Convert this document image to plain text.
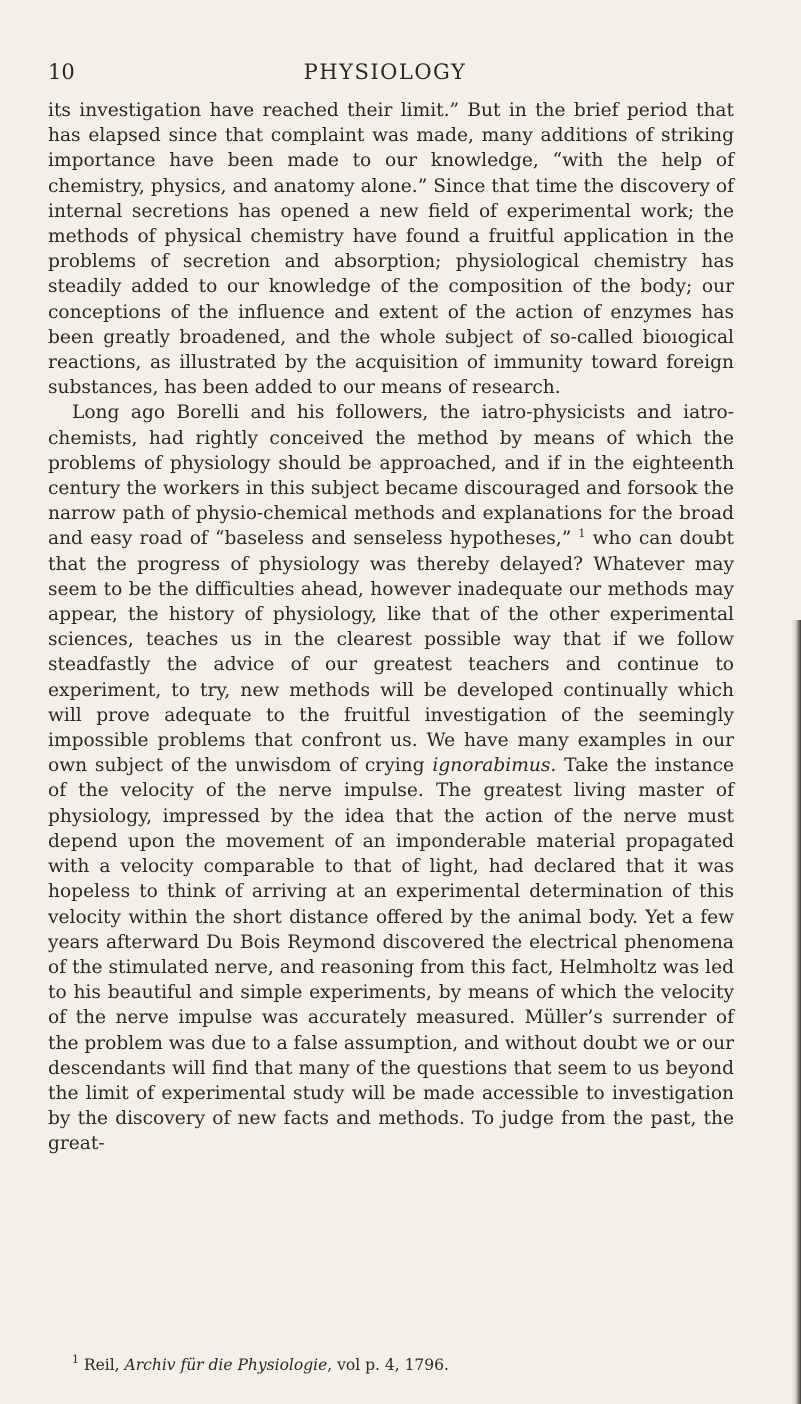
10	PHYSIOLOGY

its investigation have reached their limit.” But in the brief period that has elapsed since that complaint was made, many additions of striking importance have been made to our knowledge, “with the help of chemistry, physics, and anatomy alone.” Since that time the discovery of internal secretions has opened a new field of experimental work; the methods of physical chemistry have found a fruitful application in the problems of secretion and absorption; physiological chemistry has steadily added to our knowledge of the composition of the body; our conceptions of the influence and extent of the action of enzymes has been greatly broadened, and the whole subject of so-called bioıogical reactions, as illustrated by the acquisition of immunity toward foreign substances, has been added to our means of research.

Long ago Borelli and his followers, the iatro-physicists and iatro-chemists, had rightly conceived the method by means of which the problems of physiology should be approached, and if in the eighteenth century the workers in this subject became discouraged and forsook the narrow path of physio-chemical methods and explanations for the broad and easy road of “baseless and senseless hypotheses,” $^1$ who can doubt that the progress of physiology was thereby delayed? Whatever may seem to be the difficulties ahead, however inadequate our methods may appear, the history of physiology, like that of the other experimental sciences, teaches us in the clearest possible way that if we follow steadfastly the advice of our greatest teachers and continue to experiment, to try, new methods will be developed continually which will prove adequate to the fruitful investigation of the seemingly impossible problems that confront us. We have many examples in our own subject of the unwisdom of crying ignorabimus. Take the instance of the velocity of the nerve impulse. The greatest living master of physiology, impressed by the idea that the action of the nerve must depend upon the movement of an imponderable material propagated with a velocity comparable to that of light, had declared that it was hopeless to think of arriving at an experimental determination of this velocity within the short distance offered by the animal body. Yet a few years afterward Du Bois Reymond discovered the electrical phenomena of the stimulated nerve, and reasoning from this fact, Helmholtz was led to his beautiful and simple experiments, by means of which the velocity of the nerve impulse was accurately measured. Müller’s surrender of the problem was due to a false assumption, and without doubt we or our descendants will find that many of the questions that seem to us beyond the limit of experimental study will be made accessible to investigation by the discovery of new facts and methods. To judge from the past, the great-

$^1$ Reil, Archiv für die Physiologie, vol p. 4, 1796.
